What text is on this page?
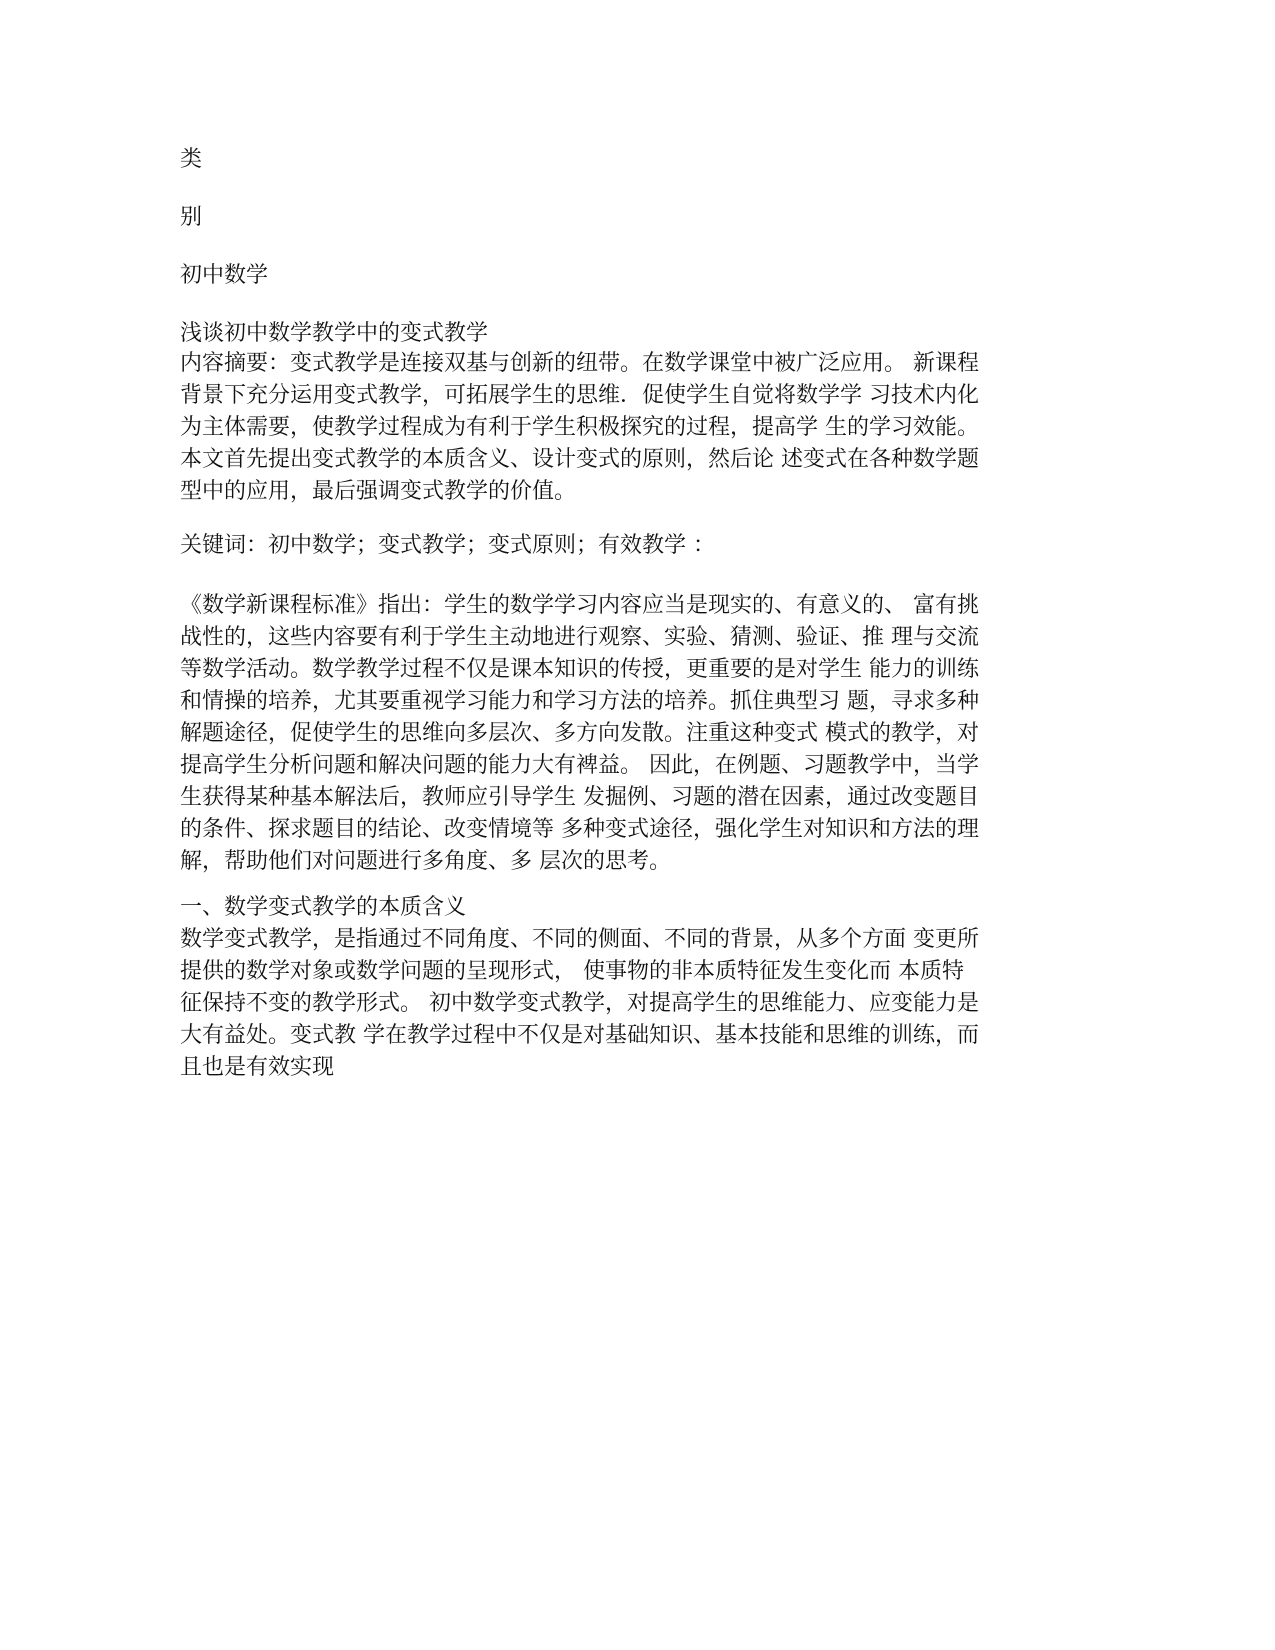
类
别
初中数学
浅谈初中数学教学中的变式教学
内容摘要：变式教学是连接双基与创新的纽带。在数学课堂中被广泛应用。 新课程
背景下充分运用变式教学，可拓展学生的思维．促使学生自觉将数学学 习技术内化
为主体需要，使教学过程成为有利于学生积极探究的过程，提高学 生的学习效能。
本文首先提出变式教学的本质含义、设计变式的原则，然后论 述变式在各种数学题
型中的应用，最后强调变式教学的价值。
关键词：初中数学；变式教学；变式原则；有效教学 ：
《数学新课程标准》指出：学生的数学学习内容应当是现实的、有意义的、 富有挑
战性的，这些内容要有利于学生主动地进行观察、实验、猜测、验证、推 理与交流
等数学活动。数学教学过程不仅是课本知识的传授，更重要的是对学生 能力的训练
和情操的培养，尤其要重视学习能力和学习方法的培养。抓住典型习 题，寻求多种
解题途径，促使学生的思维向多层次、多方向发散。注重这种变式 模式的教学，对
提高学生分析问题和解决问题的能力大有裨益。 因此，在例题、习题教学中，当学
生获得某种基本解法后，教师应引导学生 发掘例、习题的潜在因素，通过改变题目
的条件、探求题目的结论、改变情境等 多种变式途径，强化学生对知识和方法的理
解，帮助他们对问题进行多角度、多 层次的思考。
一、数学变式教学的本质含义
数学变式教学，是指通过不同角度、不同的侧面、不同的背景，从多个方面 变更所
提供的数学对象或数学问题的呈现形式， 使事物的非本质特征发生变化而 本质特
征保持不变的教学形式。 初中数学变式教学，对提高学生的思维能力、应变能力是
大有益处。变式教 学在教学过程中不仅是对基础知识、基本技能和思维的训练，而
且也是有效实现
